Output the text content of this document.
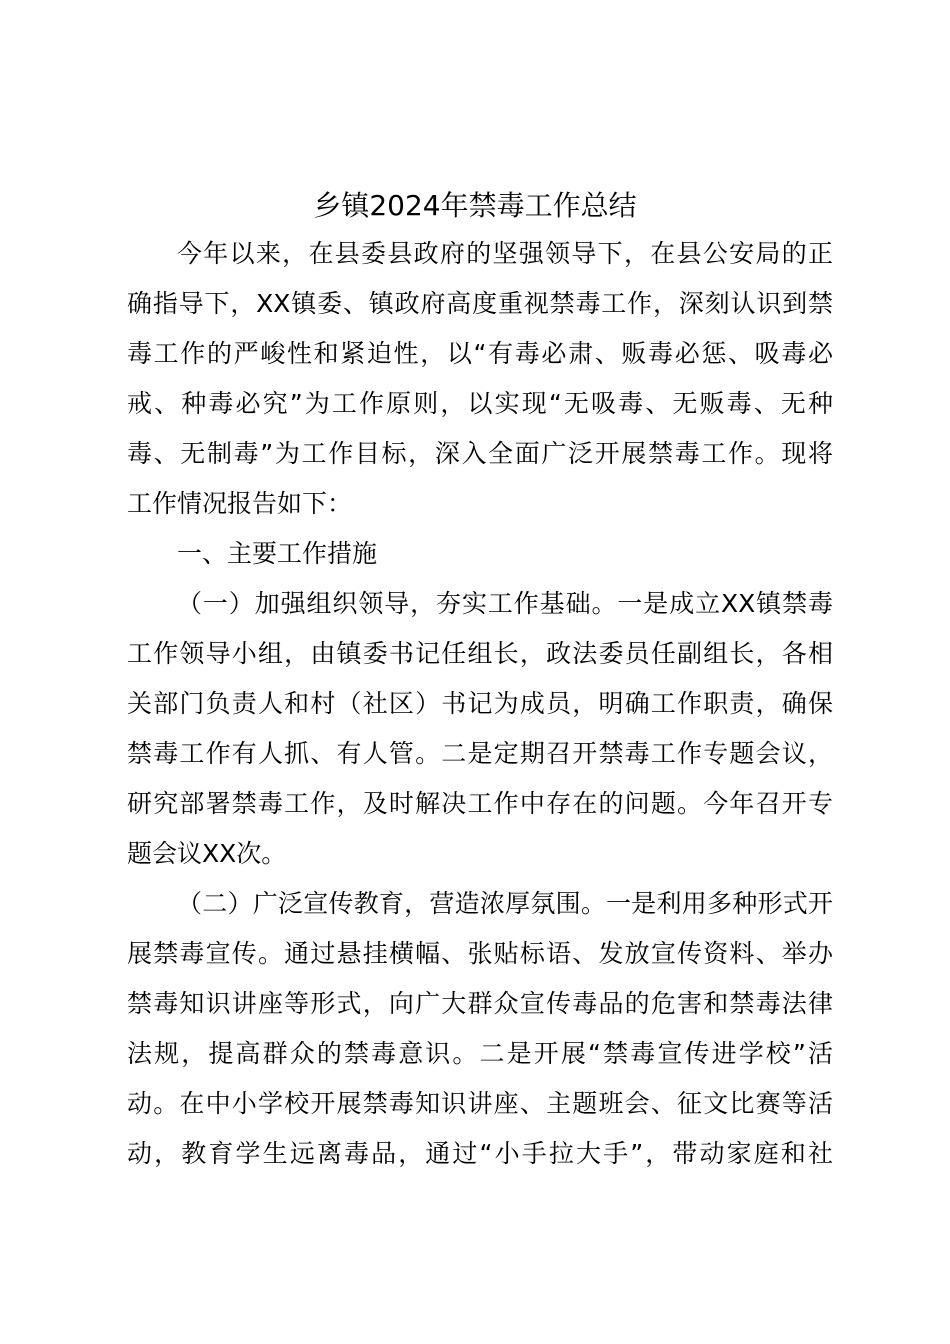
乡镇2024年禁毒工作总结

今年以来，在县委县政府的坚强领导下，在县公安局的正

确指导下，XX镇委、镇政府高度重视禁毒工作，深刻认识到禁

毒工作的严峻性和紧迫性，以“有毒必肃、贩毒必惩、吸毒必

戒、种毒必究”为工作原则，以实现“无吸毒、无贩毒、无种

毒、无制毒”为工作目标，深入全面广泛开展禁毒工作。现将

工作情况报告如下：

一、主要工作措施

（一）加强组织领导，夯实工作基础。一是成立XX镇禁毒

工作领导小组，由镇委书记任组长，政法委员任副组长，各相

关部门负责人和村（社区）书记为成员，明确工作职责，确保

禁毒工作有人抓、有人管。二是定期召开禁毒工作专题会议，

研究部署禁毒工作，及时解决工作中存在的问题。今年召开专

题会议XX次。

（二）广泛宣传教育，营造浓厚氛围。一是利用多种形式开

展禁毒宣传。通过悬挂横幅、张贴标语、发放宣传资料、举办

禁毒知识讲座等形式，向广大群众宣传毒品的危害和禁毒法律

法规，提高群众的禁毒意识。二是开展“禁毒宣传进学校”活

动。在中小学校开展禁毒知识讲座、主题班会、征文比赛等活

动，教育学生远离毒品，通过“小手拉大手”，带动家庭和社
